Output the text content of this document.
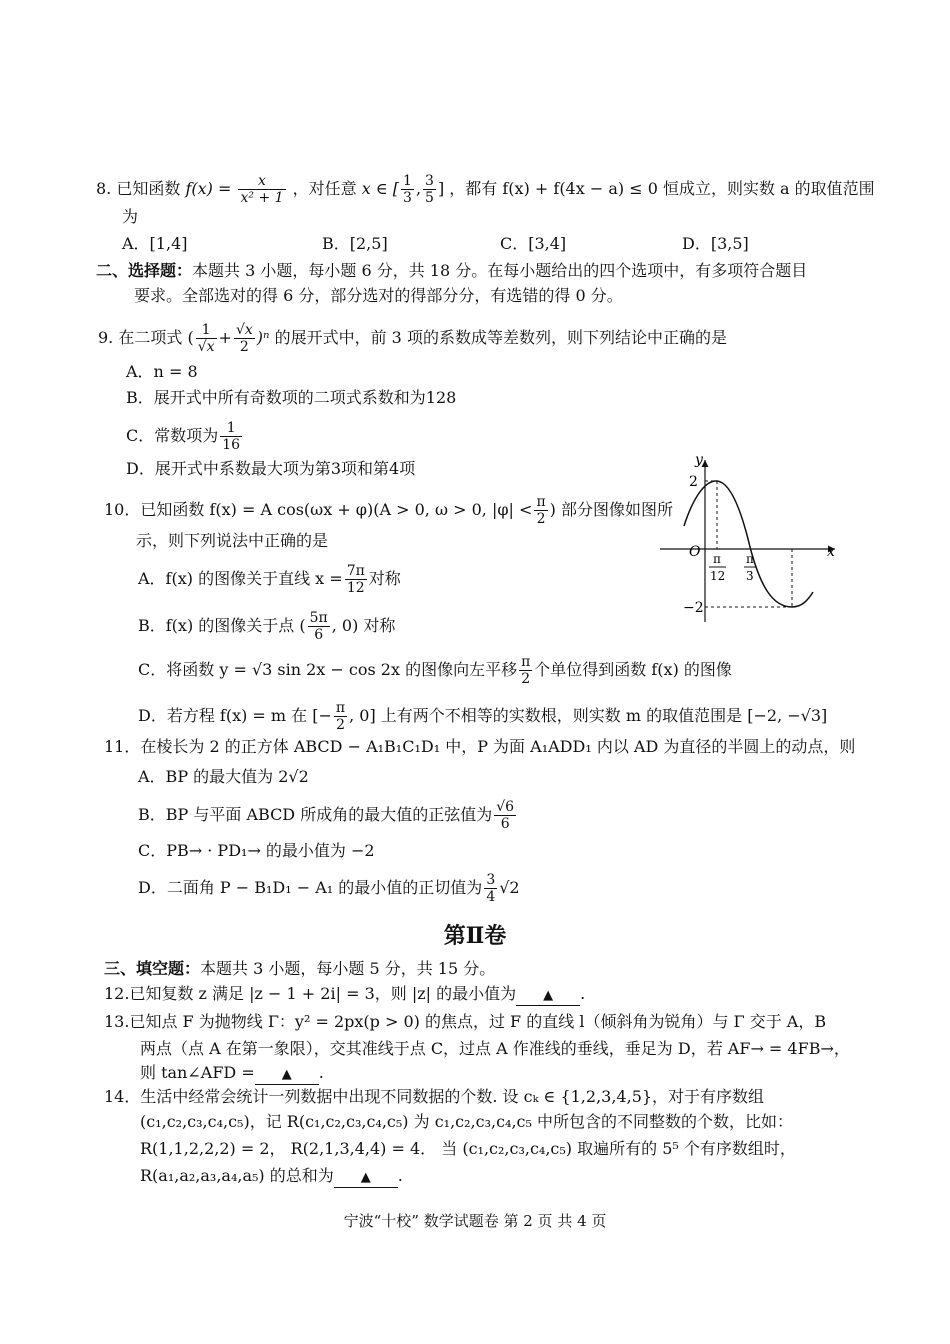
8. 已知函数 $f(x) = \frac{x}{\text{x² + 1}}$ ，对任意 x ∈ [ $\frac{1}{3}$ , $\frac{3}{5}$ ] ，都有 f(x) + f(4x − a) ≤ 0 恒成立，则实数 a 的取值范围
为
A．[1,4]	B．[2,5]	C．[3,4]	D．[3,5]
二、选择题：本题共 3 小题，每小题 6 分，共 18 分。在每小题给出的四个选项中，有多项符合题目
要求。全部选对的得 6 分，部分选对的得部分分，有选错的得 0 分。
9. 在二项式 ( $\frac{1}{√x} + \frac{√x}{2} )^n$ 的展开式中，前 3 项的系数成等差数列，则下列结论中正确的是
A．n = 8
B．展开式中所有奇数项的二项式系数和为128
C．常数项为 $\frac{1}{16}$
D．展开式中系数最大项为第3项和第4项
10．已知函数 f(x) = A cos(ωx + φ)(A > 0, ω > 0, $|\varphi| < \frac{\pi}{2}$ ) 部分图像如图所
示，则下列说法中正确的是
A．f(x) 的图像关于直线 $x = \frac{7\pi}{12}$ 对称
B．f(x) 的图像关于点 ( $\frac{5\pi}{6}$ , 0) 对称
C．将函数 y = √3 sin 2x − cos 2x 的图像向左平移 $\frac{\pi}{2}$ 个单位得到函数 f(x) 的图像
D．若方程 f(x) = m 在 [− $\frac{\pi}{2}$ , 0] 上有两个不相等的实数根，则实数 m 的取值范围是 [−2, −√3]
y
x
O
2
−2
π
12
π
3
11．在棱长为 2 的正方体 ABCD − A₁B₁C₁D₁ 中，P 为面 A₁ADD₁ 内以 AD 为直径的半圆上的动点，则
A．BP 的最大值为 2√2
B．BP 与平面 ABCD 所成角的最大值的正弦值为 $\frac{√6}{6}$
C．PB→ · PD₁→ 的最小值为 −2
D．二面角 P − B₁D₁ − A₁ 的最小值的正切值为 $\frac{3}{4} √2$
第Ⅱ卷
三、填空题：本题共 3 小题，每小题 5 分，共 15 分。
12.已知复数 z 满足 |z − 1 + 2i| = 3，则 |z| 的最小值为 ▲ .
13.已知点 F 为抛物线 Γ：y² = 2px(p > 0) 的焦点，过 F 的直线 l（倾斜角为锐角）与 Γ 交于 A，B
两点（点 A 在第一象限），交其准线于点 C，过点 A 作准线的垂线，垂足为 D，若 AF→ = 4FB→，
则 tan∠AFD = ▲ .
14．生活中经常会统计一列数据中出现不同数据的个数. 设 cₖ ∈ {1,2,3,4,5}，对于有序数组
(c₁,c₂,c₃,c₄,c₅)，记 R(c₁,c₂,c₃,c₄,c₅) 为 c₁,c₂,c₃,c₄,c₅ 中所包含的不同整数的个数，比如：
R(1,1,2,2,2) = 2， R(2,1,3,4,4) = 4． 当 (c₁,c₂,c₃,c₄,c₅) 取遍所有的 5⁵ 个有序数组时，
R(a₁,a₂,a₃,a₄,a₅) 的总和为 ▲ .
宁波“十校” 数学试题卷 第 2 页 共 4 页
